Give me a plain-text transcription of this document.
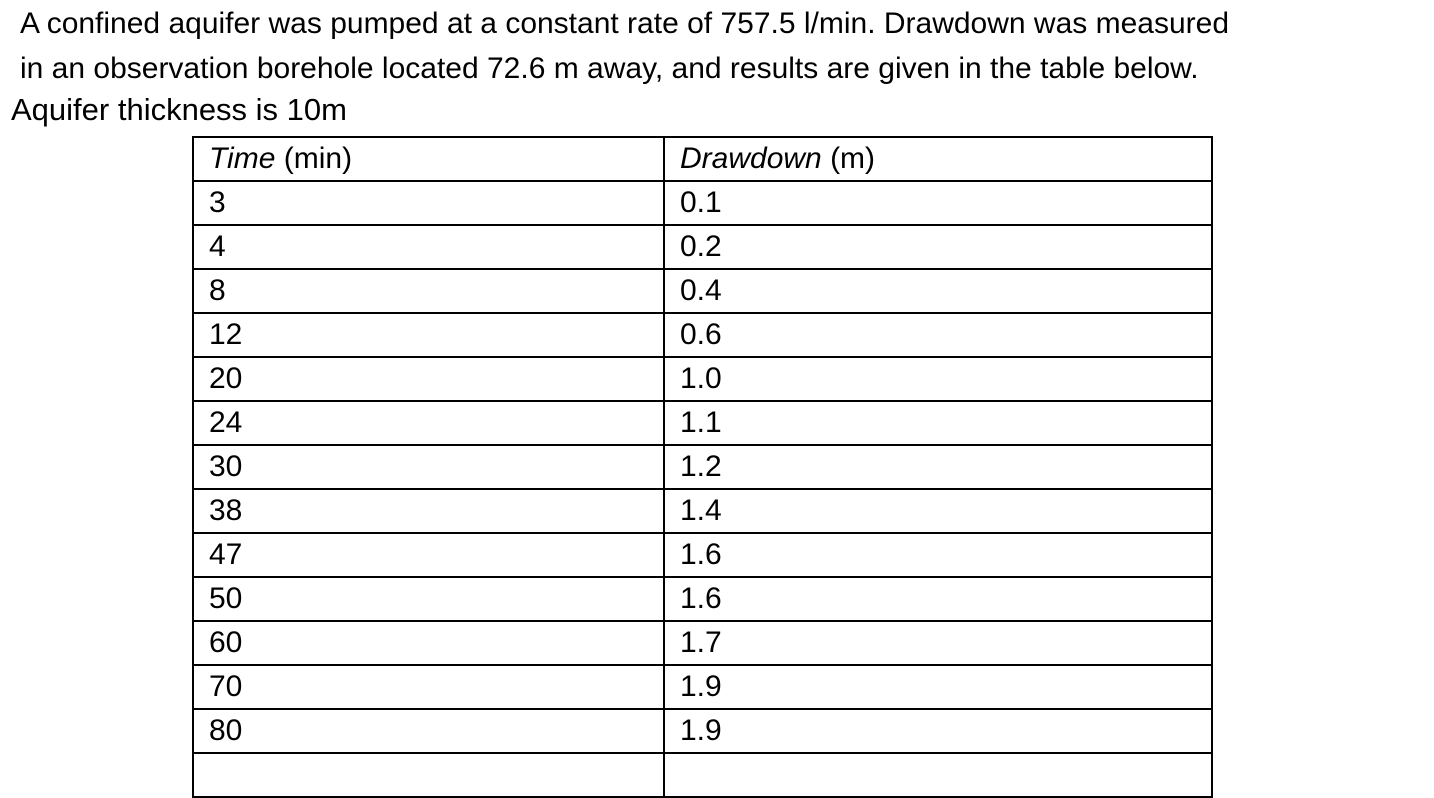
A confined aquifer was pumped at a constant rate of 757.5 l/min. Drawdown was measured
in an observation borehole located 72.6 m away, and results are given in the table below.
Aquifer thickness is 10m
Time (min)	Drawdown (m)
3	0.1
4	0.2
8	0.4
12	0.6
20	1.0
24	1.1
30	1.2
38	1.4
47	1.6
50	1.6
60	1.7
70	1.9
80	1.9
